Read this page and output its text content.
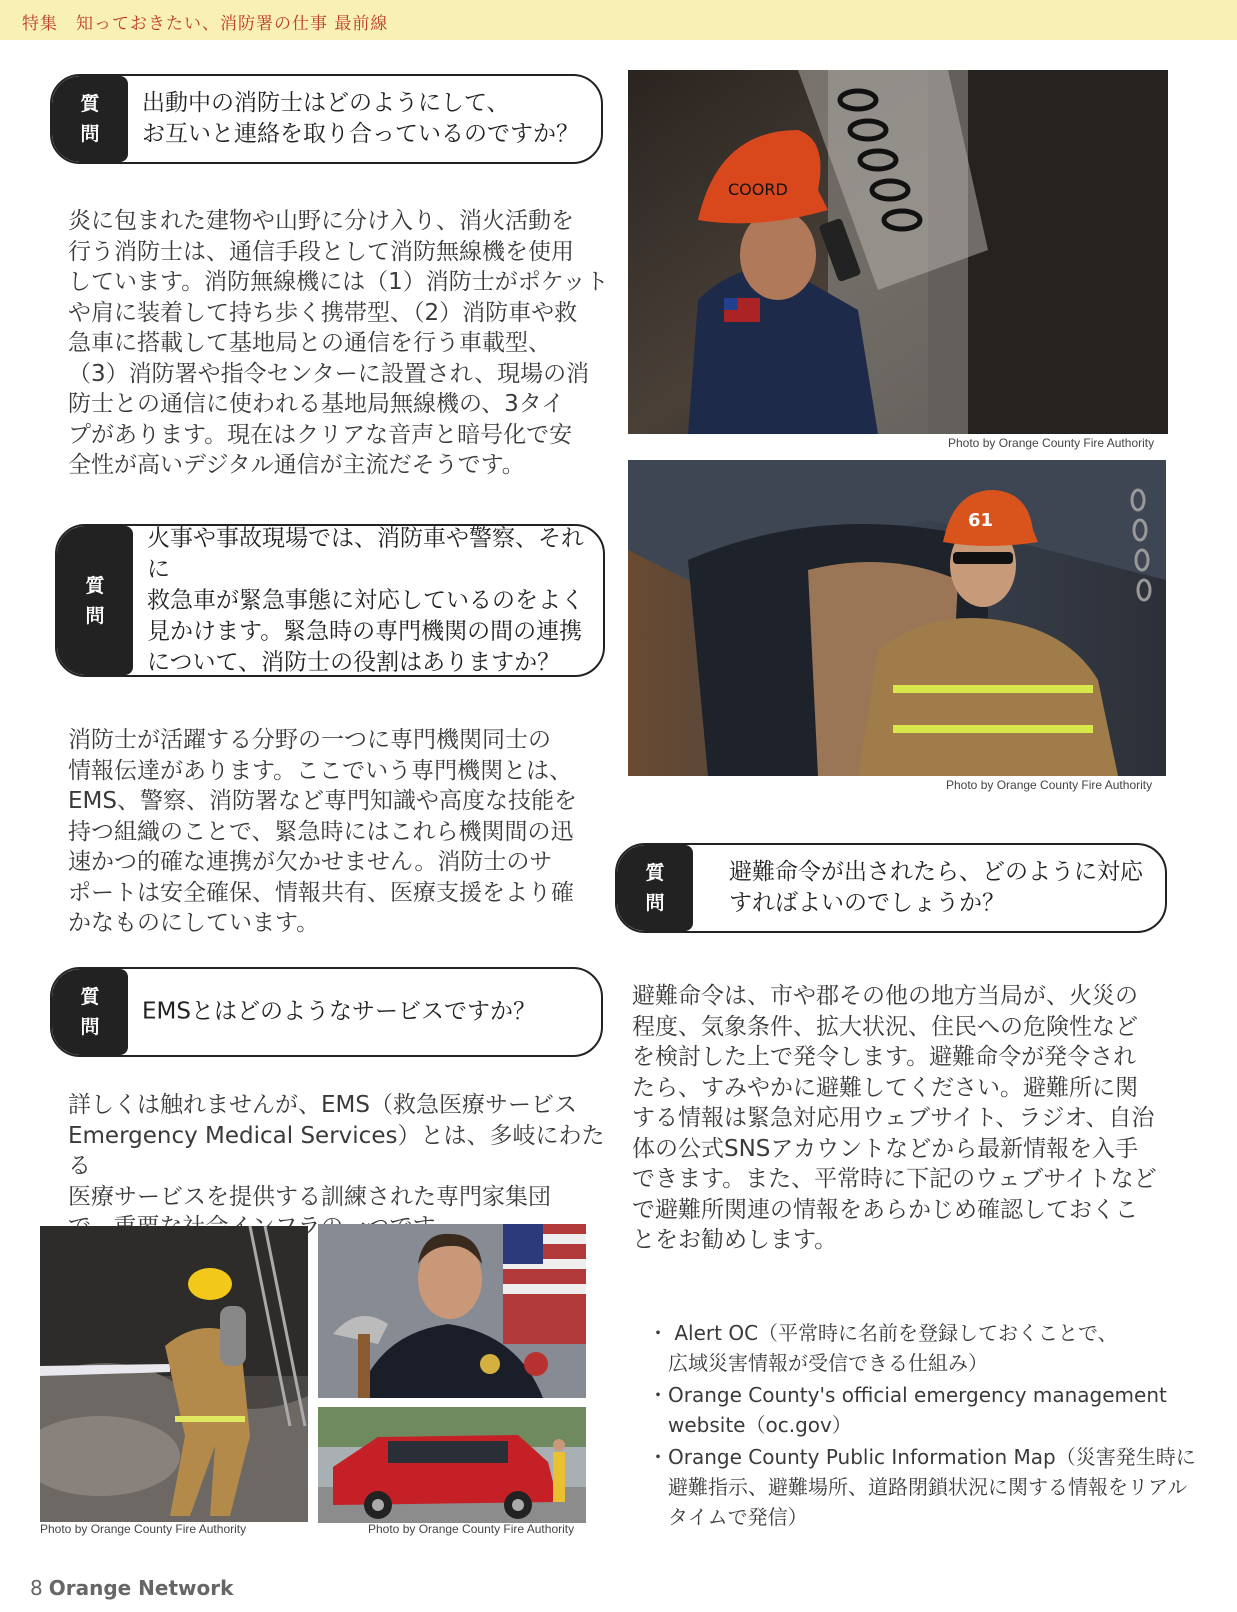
特集　知っておきたい、消防署の仕事 最前線
質
問
出動中の消防士はどのようにして、
お互いと連絡を取り合っているのですか？
炎に包まれた建物や山野に分け入り、消火活動を
行う消防士は、通信手段として消防無線機を使用
しています。消防無線機には（1）消防士がポケット
や肩に装着して持ち歩く携帯型、（2）消防車や救
急車に搭載して基地局との通信を行う車載型、
（3）消防署や指令センターに設置され、現場の消
防士との通信に使われる基地局無線機の、3タイ
プがあります。現在はクリアな音声と暗号化で安
全性が高いデジタル通信が主流だそうです。
質
問
火事や事故現場では、消防車や警察、それに
救急車が緊急事態に対応しているのをよく
見かけます。緊急時の専門機関の間の連携
について、消防士の役割はありますか？
消防士が活躍する分野の一つに専門機関同士の
情報伝達があります。ここでいう専門機関とは、
EMS、警察、消防署など専門知識や高度な技能を
持つ組織のことで、緊急時にはこれら機関間の迅
速かつ的確な連携が欠かせません。消防士のサ
ポートは安全確保、情報共有、医療支援をより確
かなものにしています。
質
問
EMSとはどのようなサービスですか？
詳しくは触れませんが、EMS（救急医療サービス
Emergency Medical Services）とは、多岐にわたる
医療サービスを提供する訓練された専門家集団

COORD
Photo by Orange County Fire Authority
61
Photo by Orange County Fire Authority
質
問
避難命令が出されたら、どのように対応
すればよいのでしょうか？
避難命令は、市や郡その他の地方当局が、火災の
程度、気象条件、拡大状況、住民への危険性など
を検討した上で発令します。避難命令が発令され
たら、すみやかに避難してください。避難所に関
する情報は緊急対応用ウェブサイト、ラジオ、自治
体の公式SNSアカウントなどから最新情報を入手
できます。また、平常時に下記のウェブサイトなど
で避難所関連の情報をあらかじめ確認しておくこ
とをお勧めします。
・ Alert OC（平常時に名前を登録しておくことで、
　広域災害情報が受信できる仕組み）
・Orange County's official emergency management
　website（oc.gov）
・Orange County Public Information Map（災害発生時に
　避難指示、避難場所、道路閉鎖状況に関する情報をリアル
　タイムで発信）
Photo by Orange County Fire Authority	Photo by Orange County Fire Authority
8 Orange Network
